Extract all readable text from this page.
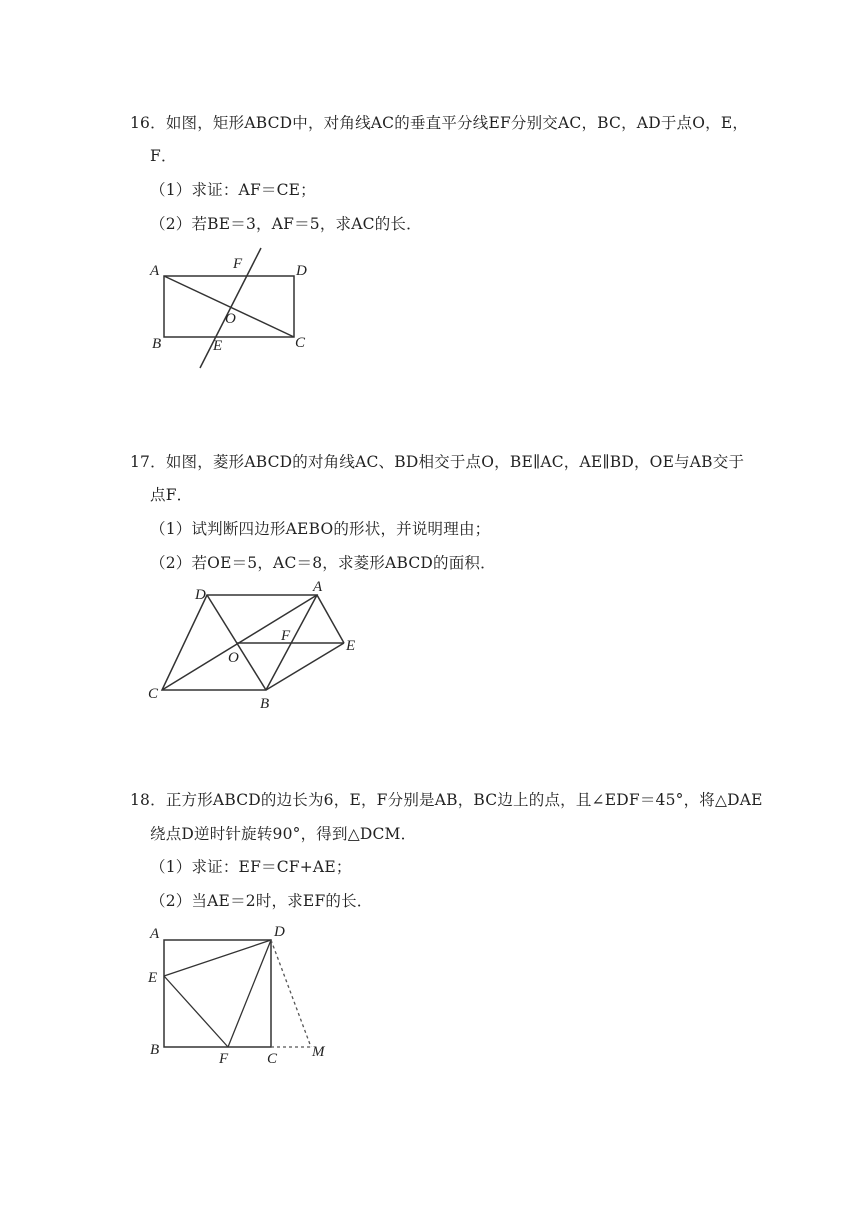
16．如图，矩形ABCD中，对角线AC的垂直平分线EF分别交AC，BC，AD于点O，E，
F．
（1）求证：AF＝CE；
（2）若BE＝3，AF＝5，求AC的长．
A	F	D
O
B	E	C
17．如图，菱形ABCD的对角线AC、BD相交于点O，BE∥AC，AE∥BD，OE与AB交于
点F．
（1）试判断四边形AEBO的形状，并说明理由；
（2）若OE＝5，AC＝8，求菱形ABCD的面积．
D	A
F
E
O
C
B
18．正方形ABCD的边长为6，E，F分别是AB，BC边上的点，且∠EDF＝45°，将△DAE
绕点D逆时针旋转90°，得到△DCM．
（1）求证：EF＝CF+AE；
（2）当AE＝2时，求EF的长．
A	D
E
B
F	C M
